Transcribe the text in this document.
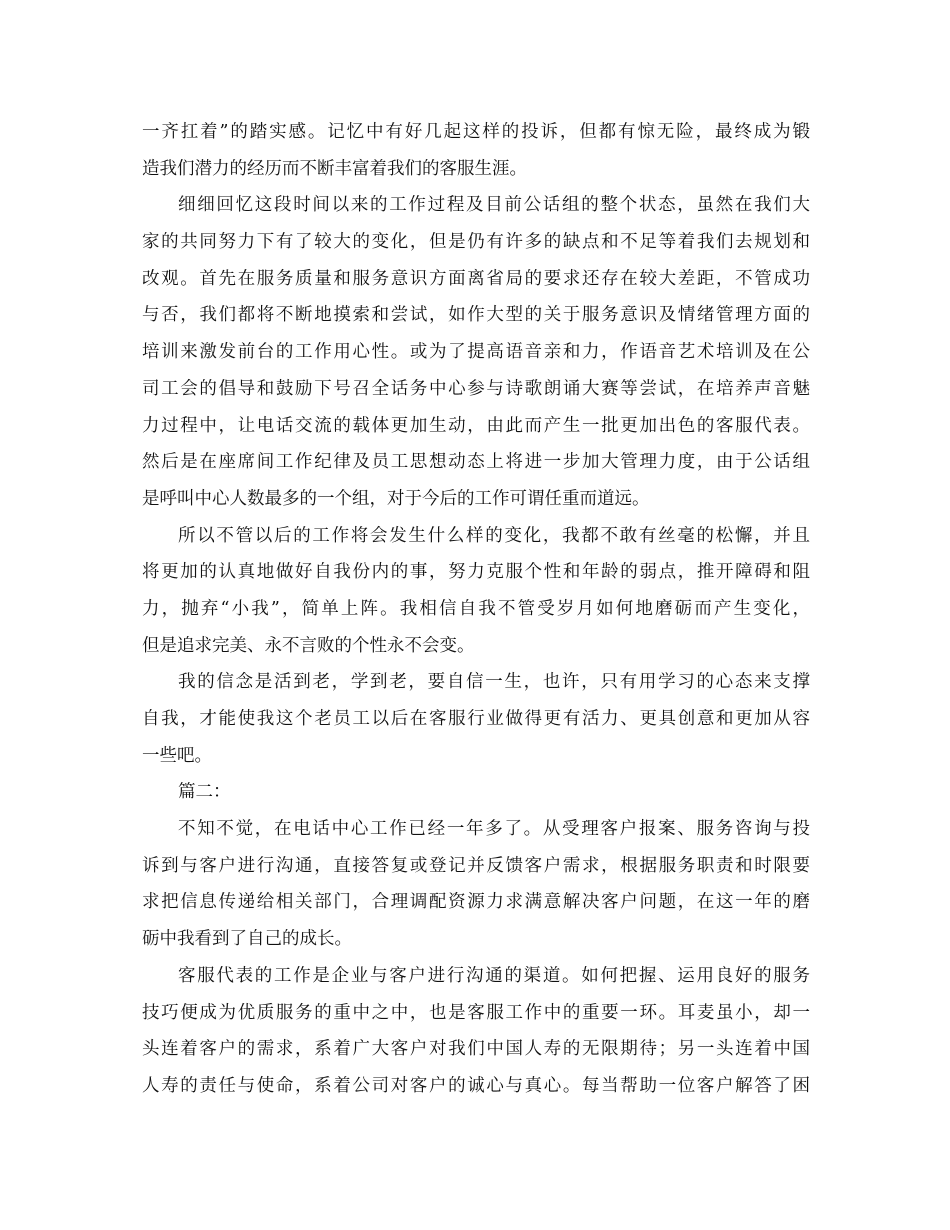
一齐扛着”的踏实感。记忆中有好几起这样的投诉，但都有惊无险，最终成为锻
造我们潜力的经历而不断丰富着我们的客服生涯。
细细回忆这段时间以来的工作过程及目前公话组的整个状态，虽然在我们大
家的共同努力下有了较大的变化，但是仍有许多的缺点和不足等着我们去规划和
改观。首先在服务质量和服务意识方面离省局的要求还存在较大差距，不管成功
与否，我们都将不断地摸索和尝试，如作大型的关于服务意识及情绪管理方面的
培训来激发前台的工作用心性。或为了提高语音亲和力，作语音艺术培训及在公
司工会的倡导和鼓励下号召全话务中心参与诗歌朗诵大赛等尝试，在培养声音魅
力过程中，让电话交流的载体更加生动，由此而产生一批更加出色的客服代表。
然后是在座席间工作纪律及员工思想动态上将进一步加大管理力度，由于公话组
是呼叫中心人数最多的一个组，对于今后的工作可谓任重而道远。
所以不管以后的工作将会发生什么样的变化，我都不敢有丝毫的松懈，并且
将更加的认真地做好自我份内的事，努力克服个性和年龄的弱点，推开障碍和阻
力，抛弃“小我”，简单上阵。我相信自我不管受岁月如何地磨砺而产生变化，
但是追求完美、永不言败的个性永不会变。
我的信念是活到老，学到老，要自信一生，也许，只有用学习的心态来支撑
自我，才能使我这个老员工以后在客服行业做得更有活力、更具创意和更加从容
一些吧。
篇二：
不知不觉，在电话中心工作已经一年多了。从受理客户报案、服务咨询与投
诉到与客户进行沟通，直接答复或登记并反馈客户需求，根据服务职责和时限要
求把信息传递给相关部门，合理调配资源力求满意解决客户问题，在这一年的磨
砺中我看到了自己的成长。
客服代表的工作是企业与客户进行沟通的渠道。如何把握、运用良好的服务
技巧便成为优质服务的重中之中，也是客服工作中的重要一环。耳麦虽小，却一
头连着客户的需求，系着广大客户对我们中国人寿的无限期待；另一头连着中国
人寿的责任与使命，系着公司对客户的诚心与真心。每当帮助一位客户解答了困
